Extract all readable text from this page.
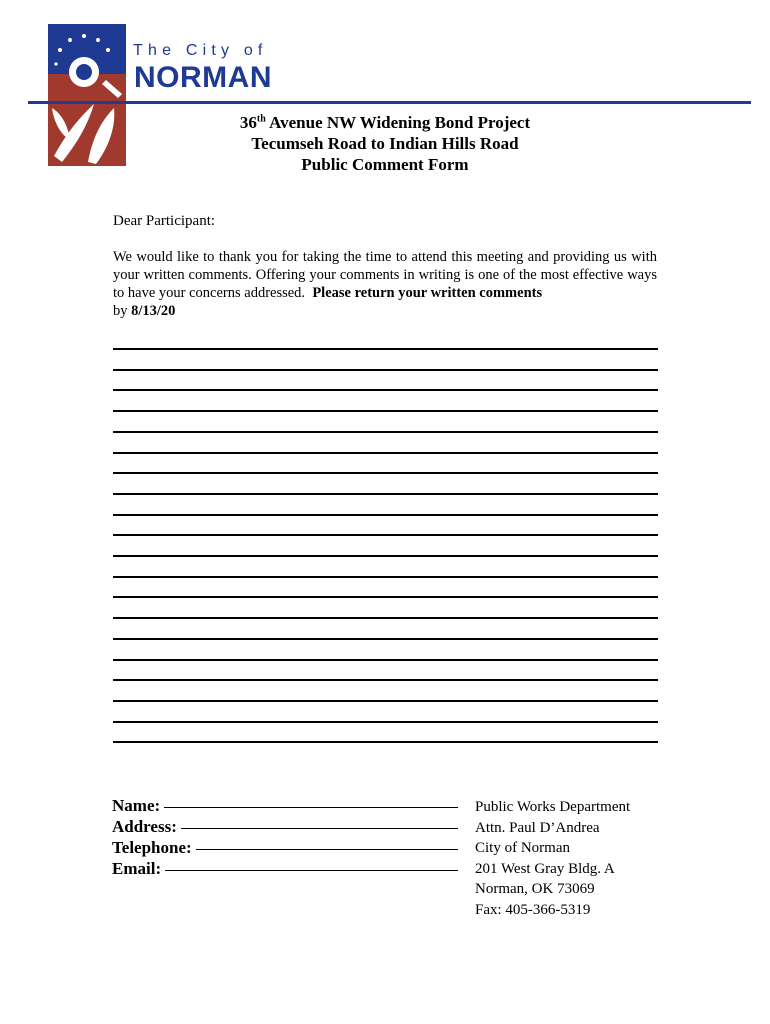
The City of
NORMAN
36th Avenue NW Widening Bond Project
Tecumseh Road to Indian Hills Road
Public Comment Form
Dear Participant:
We would like to thank you for taking the time to attend this meeting and providing us with your written comments. Offering your comments in writing is one of the most effective ways to have your concerns addressed. Please return your written comments
by 8/13/20
Name:
Address:
Telephone:
Email:
Public Works Department
Attn. Paul D’Andrea
City of Norman
201 West Gray Bldg. A
Norman, OK 73069
Fax: 405-366-5319
